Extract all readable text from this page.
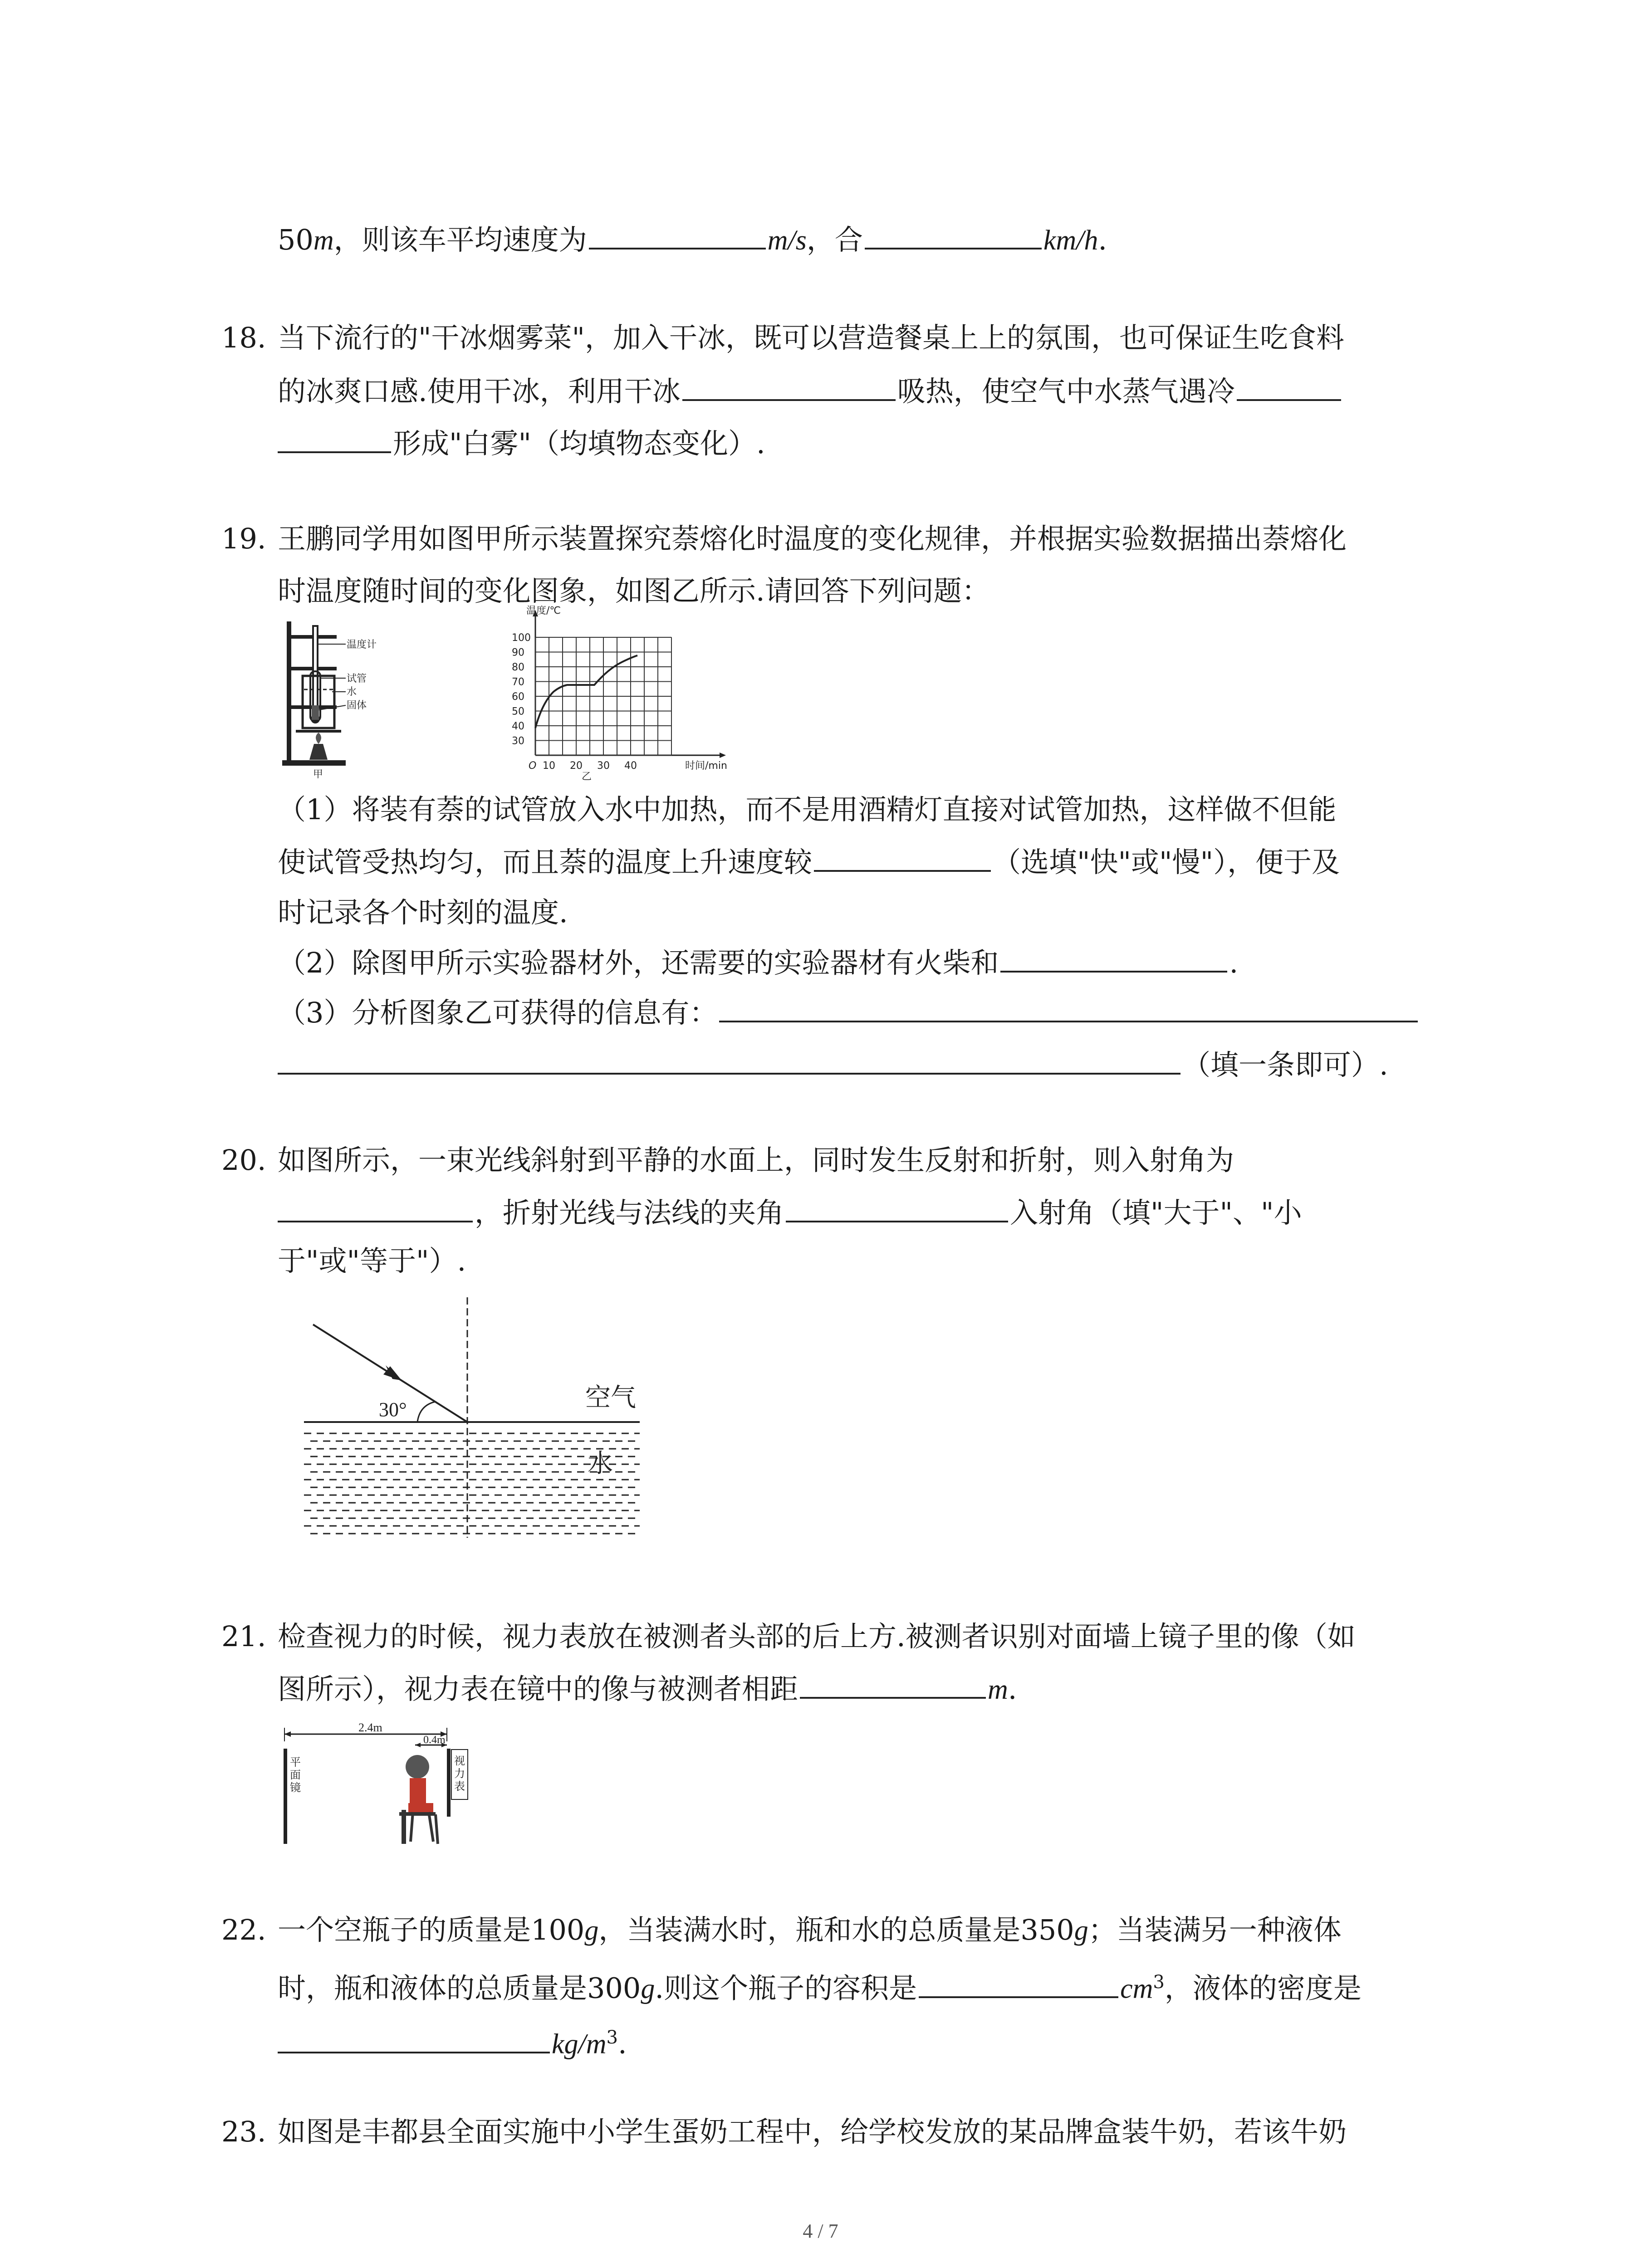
50m，则该车平均速度为	m/s，合	km/h.
18. 当下流行的"干冰烟雾菜"，加入干冰，既可以营造餐桌上上的氛围，也可保证生吃食料
的冰爽口感.使用干冰，利用干冰	吸热，使空气中水蒸气遇冷
形成"白雾"（均填物态变化）.
19. 王鹏同学用如图甲所示装置探究萘熔化时温度的变化规律，并根据实验数据描出萘熔化
时温度随时间的变化图象，如图乙所示.请回答下列问题：
温度计
试管
水
固体
甲
温度/℃
100
90
80
70
60
50
40
30
10 20 30 40
O	时间/min
乙
（1）将装有萘的试管放入水中加热，而不是用酒精灯直接对试管加热，这样做不但能
使试管受热均匀，而且萘的温度上升速度较	（选填"快"或"慢"），便于及
时记录各个时刻的温度.
（2）除图甲所示实验器材外，还需要的实验器材有火柴和	.
（3）分析图象乙可获得的信息有：
（填一条即可）.
20. 如图所示，一束光线斜射到平静的水面上，同时发生反射和折射，则入射角为
，折射光线与法线的夹角	入射角（填"大于"、"小
于"或"等于"）.
30°	空气
水
21. 检查视力的时候，视力表放在被测者头部的后上方.被测者识别对面墙上镜子里的像（如
图所示），视力表在镜中的像与被测者相距	m.
2.4m
0.4m
平面镜
视力表
22. 一个空瓶子的质量是100g，当装满水时，瓶和水的总质量是350g；当装满另一种液体
时，瓶和液体的总质量是300g.则这个瓶子的容积是	$cm^3$，液体的密度是
$kg/m^3$.
23. 如图是丰都县全面实施中小学生蛋奶工程中，给学校发放的某品牌盒装牛奶，若该牛奶
4 / 7
